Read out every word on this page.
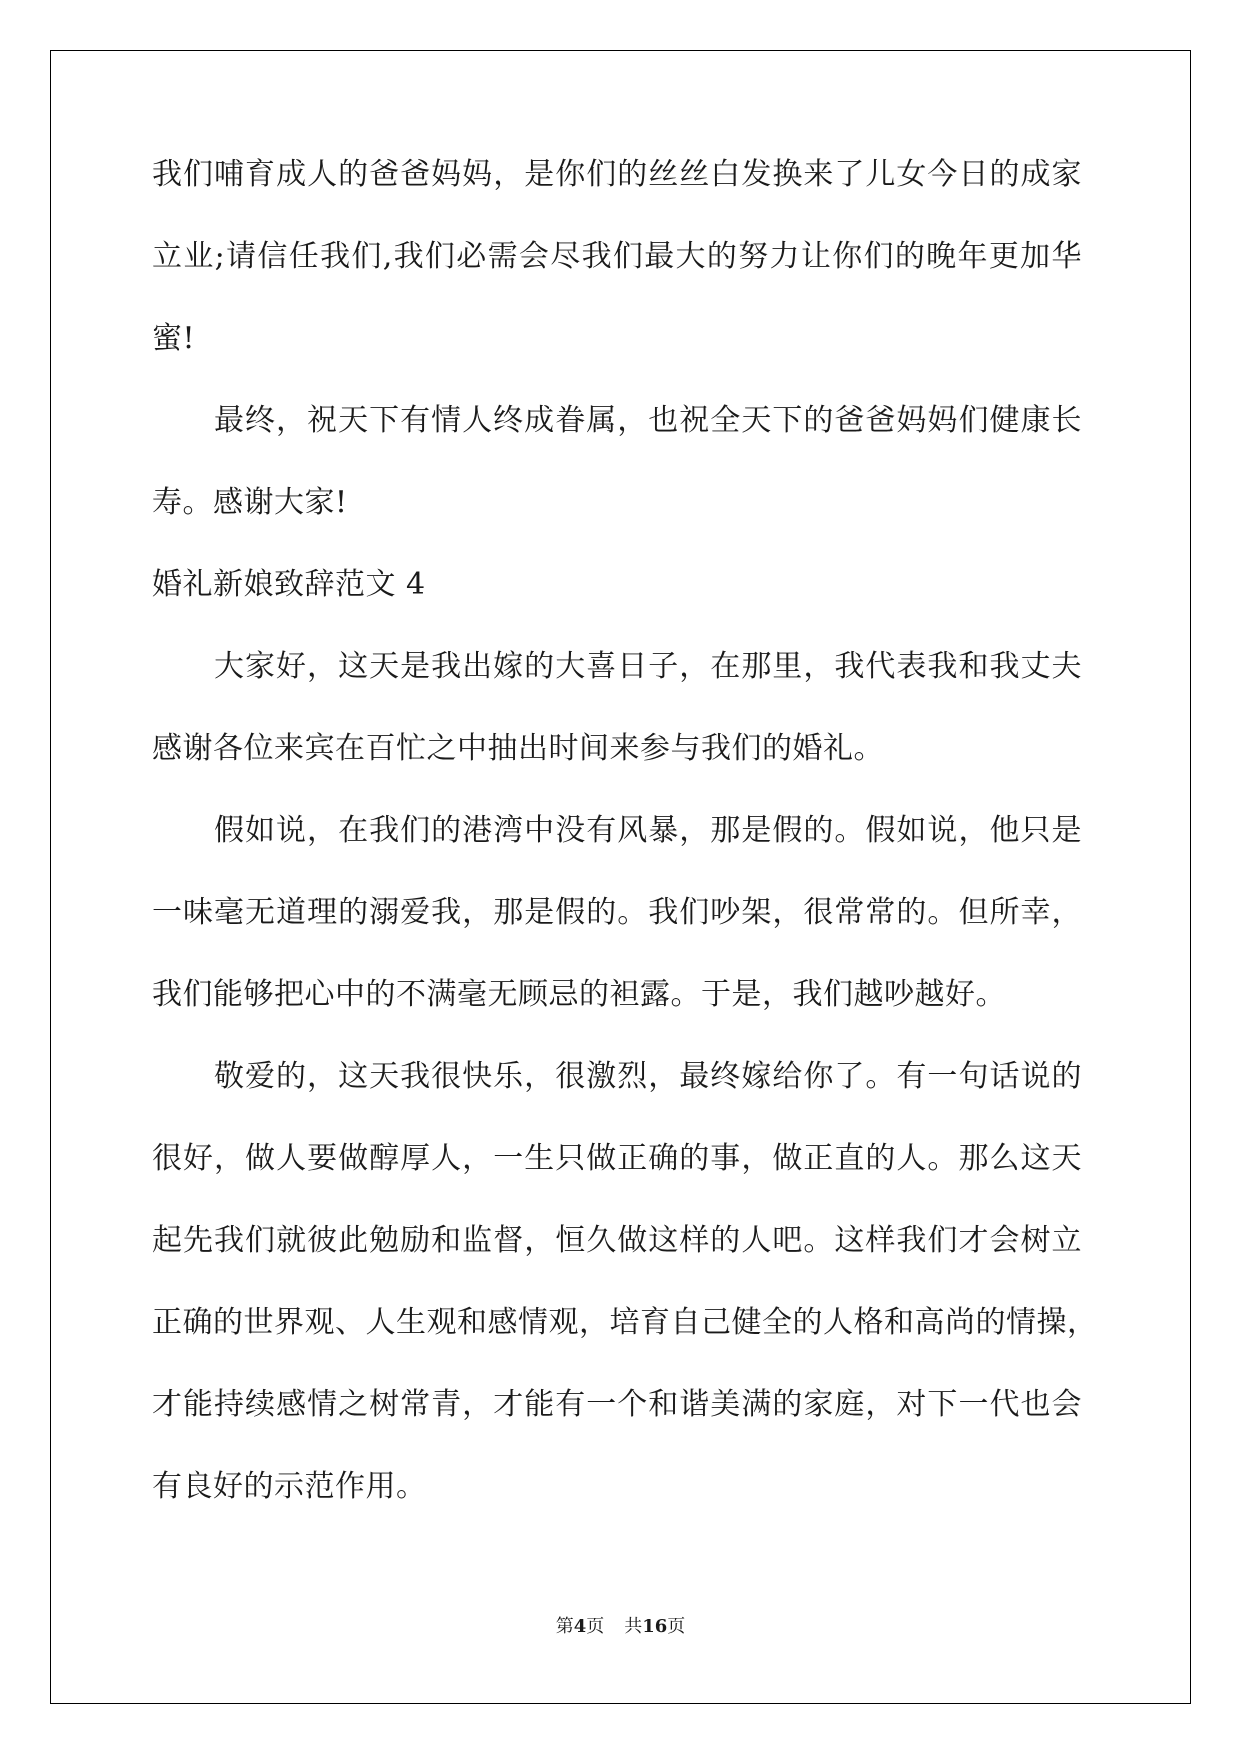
我们哺育成人的爸爸妈妈，是你们的丝丝白发换来了儿女今日的成家

立业;请信任我们,我们必需会尽我们最大的努力让你们的晚年更加华

蜜!

最终，祝天下有情人终成眷属，也祝全天下的爸爸妈妈们健康长

寿。感谢大家!

婚礼新娘致辞范文 4

大家好，这天是我出嫁的大喜日子，在那里，我代表我和我丈夫

感谢各位来宾在百忙之中抽出时间来参与我们的婚礼。

假如说，在我们的港湾中没有风暴，那是假的。假如说，他只是

一味毫无道理的溺爱我，那是假的。我们吵架，很常常的。但所幸，

我们能够把心中的不满毫无顾忌的袒露。于是，我们越吵越好。

敬爱的，这天我很快乐，很激烈，最终嫁给你了。有一句话说的

很好，做人要做醇厚人，一生只做正确的事，做正直的人。那么这天

起先我们就彼此勉励和监督，恒久做这样的人吧。这样我们才会树立

正确的世界观、人生观和感情观，培育自己健全的人格和高尚的情操，

才能持续感情之树常青，才能有一个和谐美满的家庭，对下一代也会

有良好的示范作用。

第4页 共16页
